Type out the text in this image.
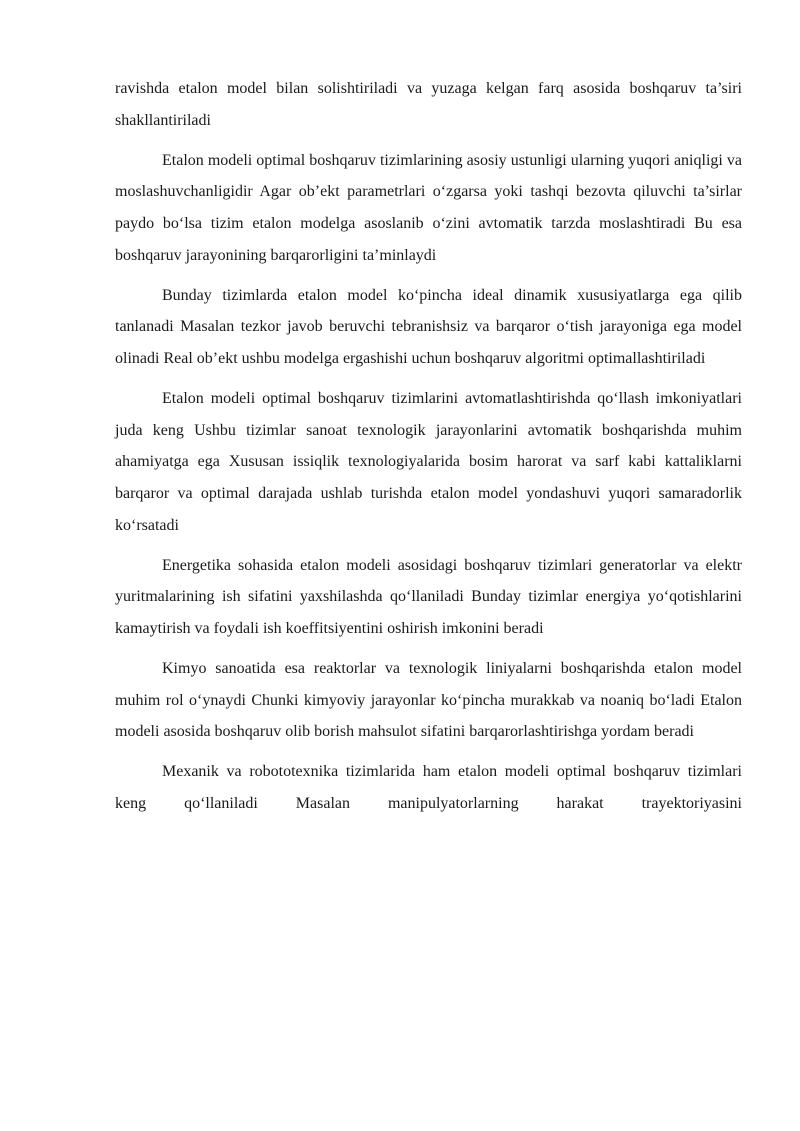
ravishda etalon model bilan solishtiriladi va yuzaga kelgan farq asosida boshqaruv ta’siri shakllantiriladi

Etalon modeli optimal boshqaruv tizimlarining asosiy ustunligi ularning yuqori aniqligi va moslashuvchanligidir Agar ob’ekt parametrlari o‘zgarsa yoki tashqi bezovta qiluvchi ta’sirlar paydo bo‘lsa tizim etalon modelga asoslanib o‘zini avtomatik tarzda moslashtiradi Bu esa boshqaruv jarayonining barqarorligini ta’minlaydi

Bunday tizimlarda etalon model ko‘pincha ideal dinamik xususiyatlarga ega qilib tanlanadi Masalan tezkor javob beruvchi tebranishsiz va barqaror o‘tish jarayoniga ega model olinadi Real ob’ekt ushbu modelga ergashishi uchun boshqaruv algoritmi optimallashtiriladi

Etalon modeli optimal boshqaruv tizimlarini avtomatlashtirishda qo‘llash imkoniyatlari juda keng Ushbu tizimlar sanoat texnologik jarayonlarini avtomatik boshqarishda muhim ahamiyatga ega Xususan issiqlik texnologiyalarida bosim harorat va sarf kabi kattaliklarni barqaror va optimal darajada ushlab turishda etalon model yondashuvi yuqori samaradorlik ko‘rsatadi

Energetika sohasida etalon modeli asosidagi boshqaruv tizimlari generatorlar va elektr yuritmalarining ish sifatini yaxshilashda qo‘llaniladi Bunday tizimlar energiya yo‘qotishlarini kamaytirish va foydali ish koeffitsiyentini oshirish imkonini beradi

Kimyo sanoatida esa reaktorlar va texnologik liniyalarni boshqarishda etalon model muhim rol o‘ynaydi Chunki kimyoviy jarayonlar ko‘pincha murakkab va noaniq bo‘ladi Etalon modeli asosida boshqaruv olib borish mahsulot sifatini barqarorlashtirishga yordam beradi

Mexanik va robototexnika tizimlarida ham etalon modeli optimal boshqaruv tizimlari keng qo‘llaniladi Masalan manipulyatorlarning harakat trayektoriyasini
